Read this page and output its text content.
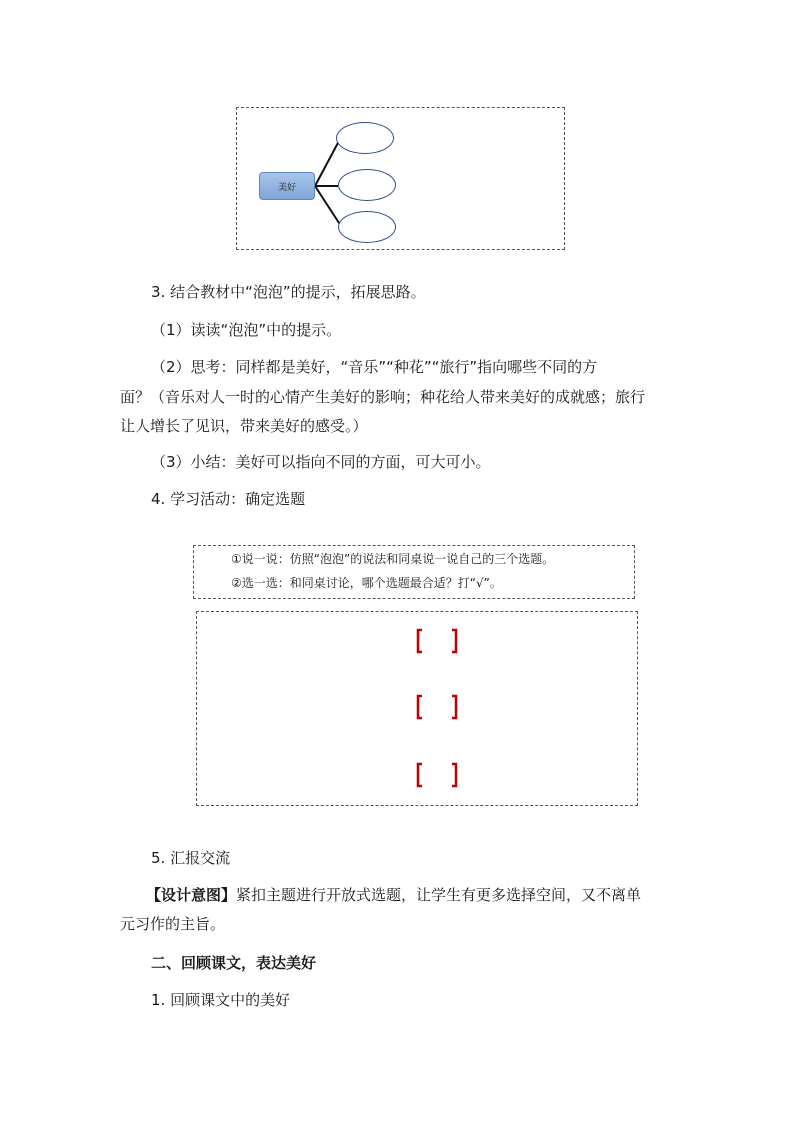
美好
3. 结合教材中“泡泡”的提示，拓展思路。
（1）读读“泡泡”中的提示。
（2）思考：同样都是美好，“音乐”“种花”“旅行”指向哪些不同的方
面？（音乐对人一时的心情产生美好的影响；种花给人带来美好的成就感；旅行
让人增长了见识，带来美好的感受。）
（3）小结：美好可以指向不同的方面，可大可小。
4. 学习活动：确定选题
①说一说：仿照“泡泡”的说法和同桌说一说自己的三个选题。
②选一选：和同桌讨论，哪个选题最合适？打“√”。
5. 汇报交流
【设计意图】紧扣主题进行开放式选题，让学生有更多选择空间，又不离单
元习作的主旨。
二、回顾课文，表达美好
1. 回顾课文中的美好
